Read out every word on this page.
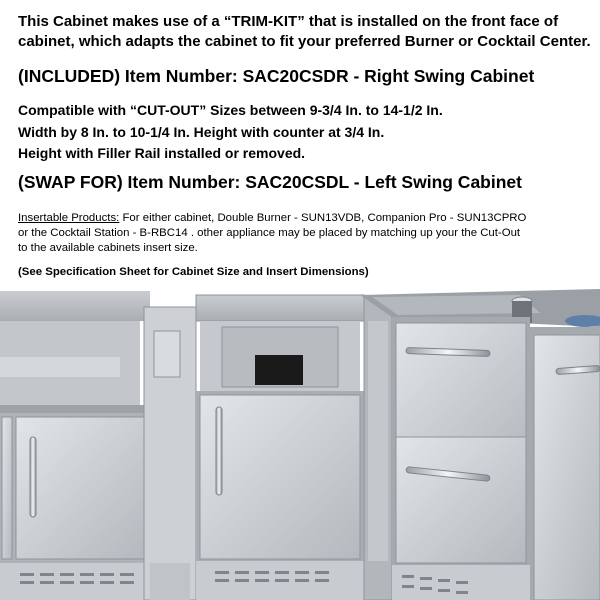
This Cabinet makes use of a “TRIM-KIT” that is installed on the front face of
cabinet, which adapts the cabinet to fit your preferred Burner or Cocktail Center.

(INCLUDED) Item Number: SAC20CSDR - Right Swing Cabinet

Compatible with “CUT-OUT” Sizes between 9-3/4 In. to 14-1/2 In.
Width by 8 In. to 10-1/4 In. Height with counter at 3/4 In.
Height with Filler Rail installed or removed.

(SWAP FOR) Item Number: SAC20CSDL - Left Swing Cabinet

Insertable Products: For either cabinet, Double Burner - SUN13VDB, Companion Pro - SUN13CPRO
or the Cocktail Station - B-RBC14 . other appliance may be placed by matching up your the Cut-Out
to the available cabinets insert size.

(See Specification Sheet for Cabinet Size and Insert Dimensions)
